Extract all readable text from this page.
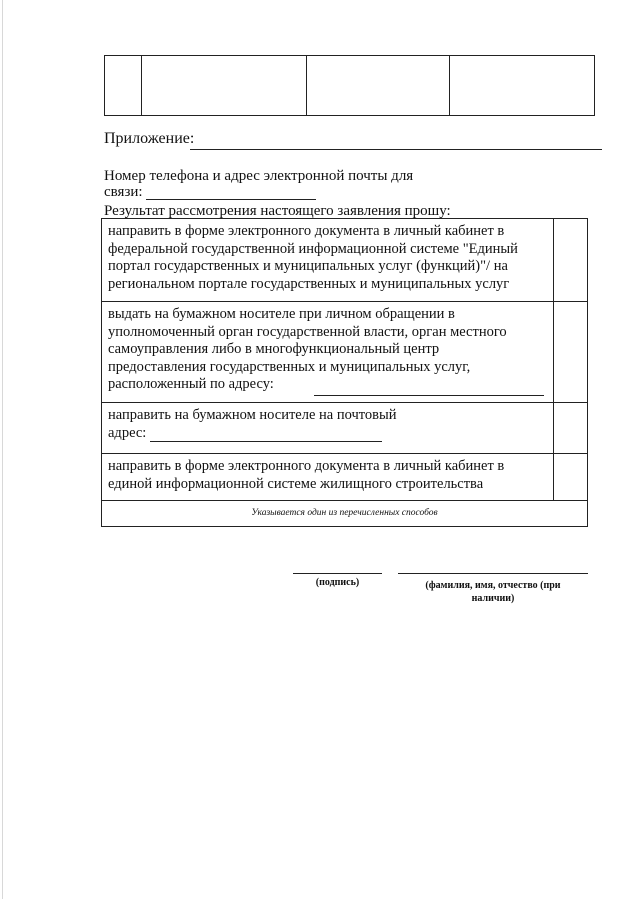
Приложение:
Номер телефона и адрес электронной почты для
связи:
Результат рассмотрения настоящего заявления прошу:
направить в форме электронного документа в личный кабинет в
федеральной государственной информационной системе "Единый
портал государственных и муниципальных услуг (функций)"/ на
региональном портале государственных и муниципальных услуг
выдать на бумажном носителе при личном обращении в
уполномоченный орган государственной власти, орган местного
самоуправления либо в многофункциональный центр
предоставления государственных и муниципальных услуг,
расположенный по адресу:
направить на бумажном носителе на почтовый
адрес:
направить в форме электронного документа в личный кабинет в
единой информационной системе жилищного строительства
Указывается один из перечисленных способов
(подпись)	(фамилия, имя, отчество (при
наличии)
